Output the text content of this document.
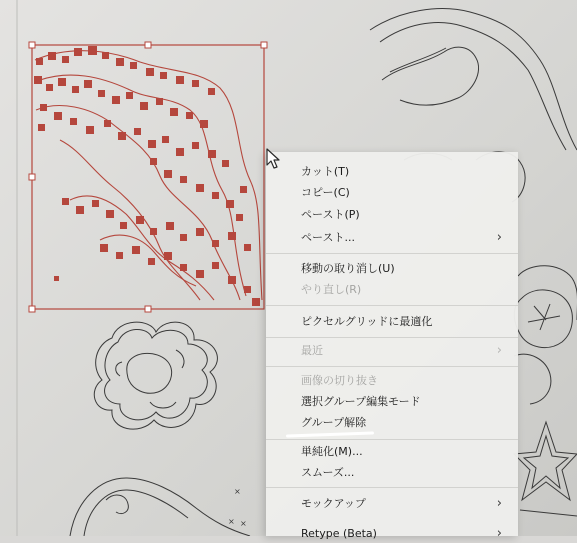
×
× ×
カット(T)
コピー(C)
ペースト(P)
ペースト...	›
移動の取り消し(U)
やり直し(R)
ピクセルグリッドに最適化
最近	›
画像の切り抜き
選択グループ編集モード
グループ解除
単純化(M)...
スムーズ...
モックアップ	›
Retype (Beta)	›
